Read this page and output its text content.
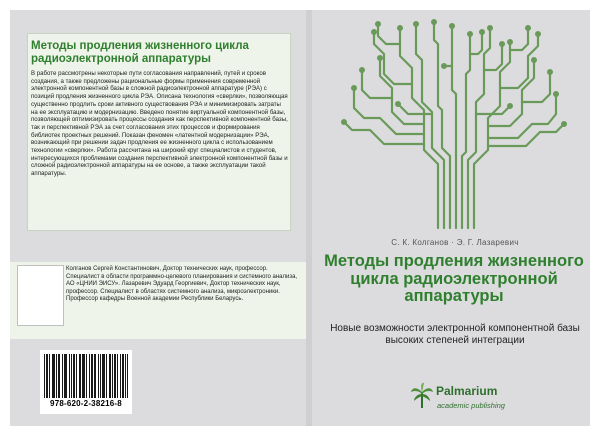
Методы продления жизненного цикла радиоэлектронной аппаратуры
В работе рассмотрены некоторые пути согласования направлений, путей и сроков создания, а также предложены рациональные формы применения современной электронной компонентной базы в сложной радиоэлектронной аппаратуре (РЭА) с позиций продления жизненного цикла РЭА. Описана технология «сверлки», позволяющая существенно продлить сроки активного существования РЭА и минимизировать затраты на ее эксплуатацию и модернизацию. Введено понятие виртуальной компонентной базы, позволяющей оптимизировать процессы создания как перспективной компонентной базы, так и перспективной РЭА за счет согласования этих процессов и формирования библиотек проектных решений. Показан феномен «латентной модернизации» РЭА, возникающий при решении задач продления ее жизненного цикла с использованием технологии «сверлки». Работа рассчитана на широкий круг специалистов и студентов, интересующихся проблемами создания перспективной электронной компонентной базы и сложной радиоэлектронной аппаратуры на ее основе, а также эксплуатации такой аппаратуры.
Колганов Сергей Константинович, Доктор технических наук, профессор. Специалист в области программно-целевого планирования и системного анализа, АО «ЦНИИ ЭИСУ». Лазаревич Эдуард Георгиевич, Доктор технических наук, профессор. Специалист в областях системного анализа, микроэлектроники. Профессор кафедры Военной академии Республики Беларусь.
978-620-2-38216-8
С. К. Колганов · Э. Г. Лазаревич
Методы продления жизненного цикла радиоэлектронной аппаратуры
Новые возможности электронной компонентной базы высоких степеней интеграции
Palmarium
academic publishing
